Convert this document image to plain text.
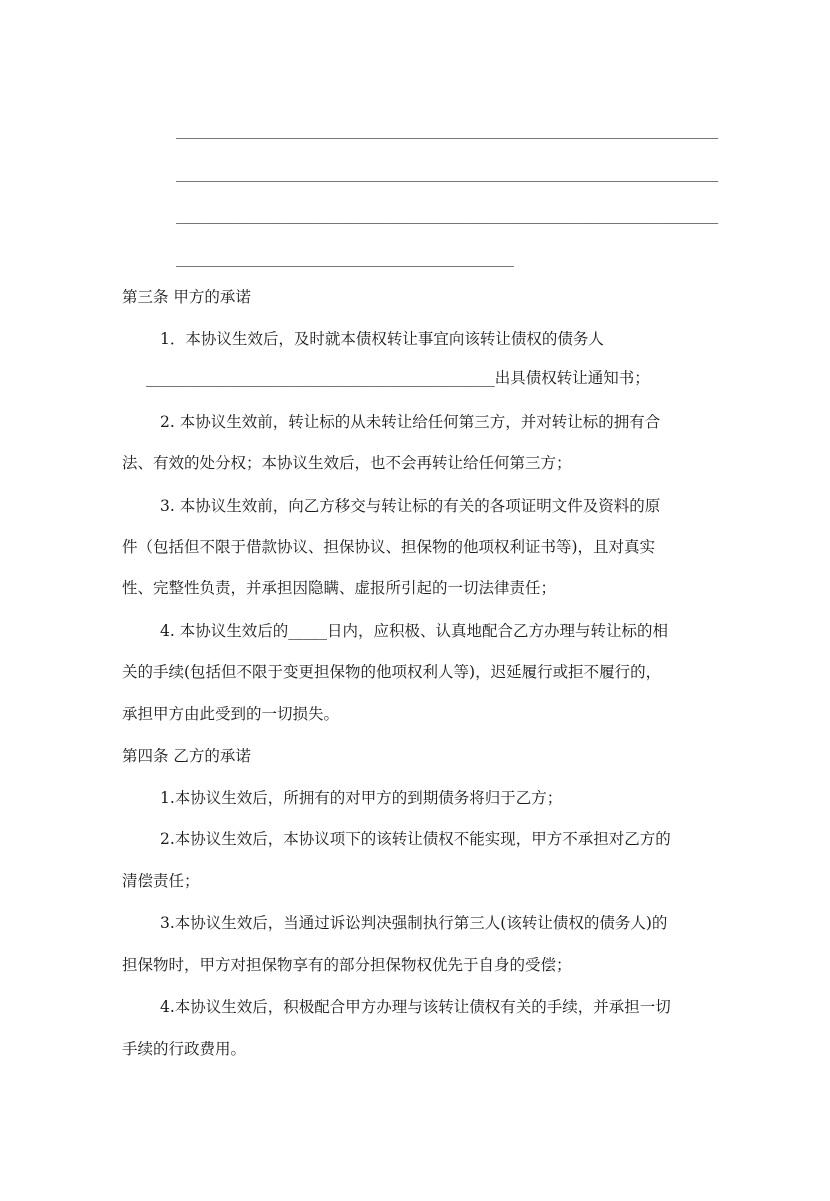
_____________________________________________________________
_____________________________________________________________
_____________________________________________________________
______________________________________

第三条 甲方的承诺

1．本协议生效后，及时就本债权转让事宜向该转让债权的债务人

_____________________________________________出具债权转让通知书；

2. 本协议生效前，转让标的从未转让给任何第三方，并对转让标的拥有合

法、有效的处分权；本协议生效后，也不会再转让给任何第三方；

3. 本协议生效前，向乙方移交与转让标的有关的各项证明文件及资料的原

件（包括但不限于借款协议、担保协议、担保物的他项权利证书等)，且对真实

性、完整性负责，并承担因隐瞒、虚报所引起的一切法律责任；

4. 本协议生效后的_____日内，应积极、认真地配合乙方办理与转让标的相

关的手续(包括但不限于变更担保物的他项权利人等)，迟延履行或拒不履行的，

承担甲方由此受到的一切损失。

第四条 乙方的承诺

1.本协议生效后，所拥有的对甲方的到期债务将归于乙方；

2.本协议生效后，本协议项下的该转让债权不能实现，甲方不承担对乙方的

清偿责任；

3.本协议生效后，当通过诉讼判决强制执行第三人(该转让债权的债务人)的

担保物时，甲方对担保物享有的部分担保物权优先于自身的受偿；

4.本协议生效后，积极配合甲方办理与该转让债权有关的手续，并承担一切

手续的行政费用。
